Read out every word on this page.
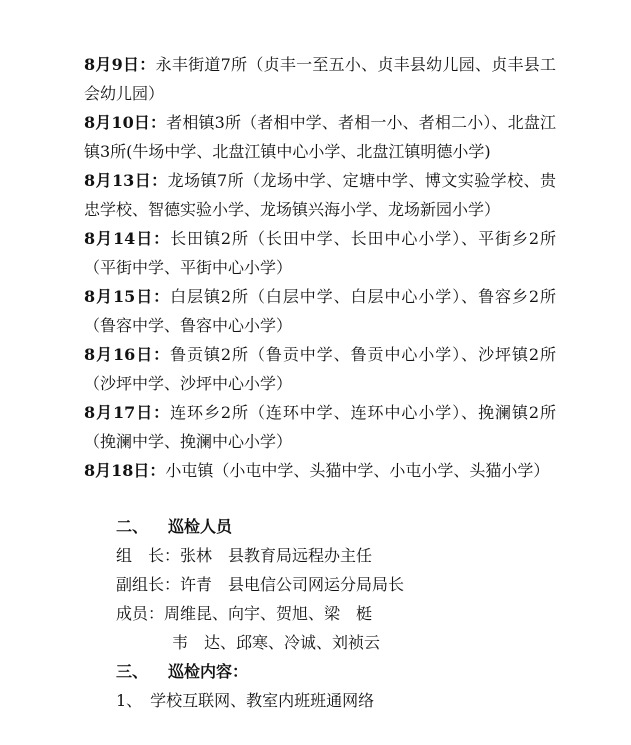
8月9日：永丰街道7所（贞丰一至五小、贞丰县幼儿园、贞丰县工会幼儿园）

8月10日：者相镇3所（者相中学、者相一小、者相二小）、北盘江镇3所(牛场中学、北盘江镇中心小学、北盘江镇明德小学)

8月13日：龙场镇7所（龙场中学、定塘中学、博文实验学校、贵忠学校、智德实验小学、龙场镇兴海小学、龙场新园小学）

8月14日：长田镇2所（长田中学、长田中心小学）、平街乡2所（平街中学、平街中心小学）

8月15日：白层镇2所（白层中学、白层中心小学）、鲁容乡2所（鲁容中学、鲁容中心小学）

8月16日：鲁贡镇2所（鲁贡中学、鲁贡中心小学）、沙坪镇2所（沙坪中学、沙坪中心小学）

8月17日：连环乡2所（连环中学、连环中心小学）、挽澜镇2所（挽澜中学、挽澜中心小学）

8月18日：小屯镇（小屯中学、头猫中学、小屯小学、头猫小学）

二、 巡检人员
组　长：张林　县教育局远程办主任
副组长：许青　县电信公司网运分局局长
成员：周维昆、向宇、贺旭、梁　梃
韦　达、邱寒、冷诚、刘祯云
三、 巡检内容：
1、　学校互联网、教室内班班通网络
